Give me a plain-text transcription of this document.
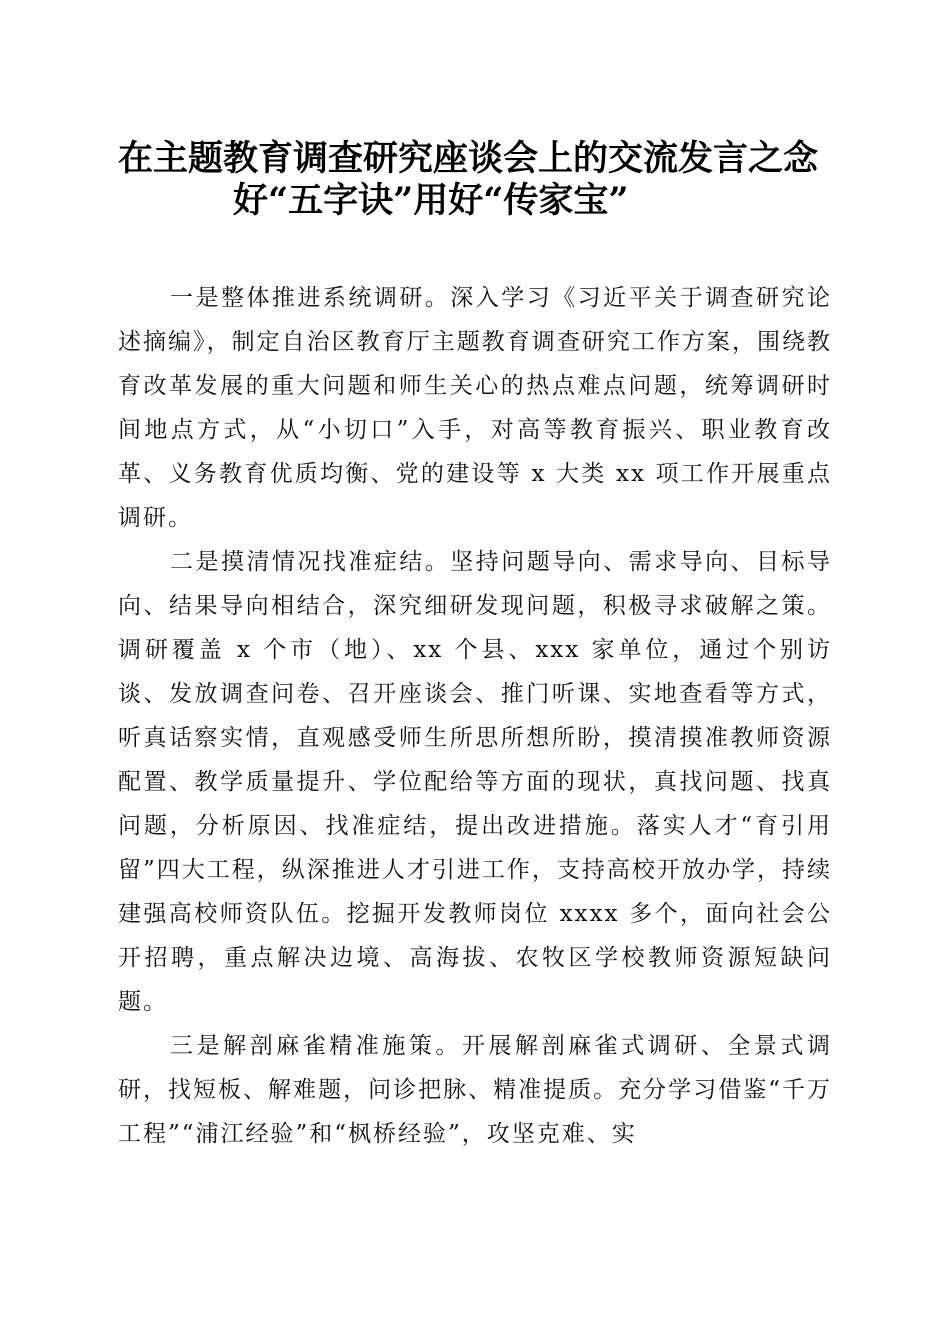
在主题教育调查研究座谈会上的交流发言之念
好“五字诀”用好“传家宝”

一是整体推进系统调研。深入学习《习近平关于调查研究论述摘编》，制定自治区教育厅主题教育调查研究工作方案，围绕教育改革发展的重大问题和师生关心的热点难点问题，统筹调研时间地点方式，从“小切口”入手，对高等教育振兴、职业教育改革、义务教育优质均衡、党的建设等 x 大类 xx 项工作开展重点调研。

二是摸清情况找准症结。坚持问题导向、需求导向、目标导向、结果导向相结合，深究细研发现问题，积极寻求破解之策。调研覆盖 x 个市（地）、xx 个县、xxx 家单位，通过个别访谈、发放调查问卷、召开座谈会、推门听课、实地查看等方式，听真话察实情，直观感受师生所思所想所盼，摸清摸准教师资源配置、教学质量提升、学位配给等方面的现状，真找问题、找真问题，分析原因、找准症结，提出改进措施。落实人才“育引用留”四大工程，纵深推进人才引进工作，支持高校开放办学，持续建强高校师资队伍。挖掘开发教师岗位 xxxx 多个，面向社会公开招聘，重点解决边境、高海拔、农牧区学校教师资源短缺问题。

三是解剖麻雀精准施策。开展解剖麻雀式调研、全景式调研，找短板、解难题，问诊把脉、精准提质。充分学习借鉴“千万工程”“浦江经验”和“枫桥经验”，攻坚克难、实
